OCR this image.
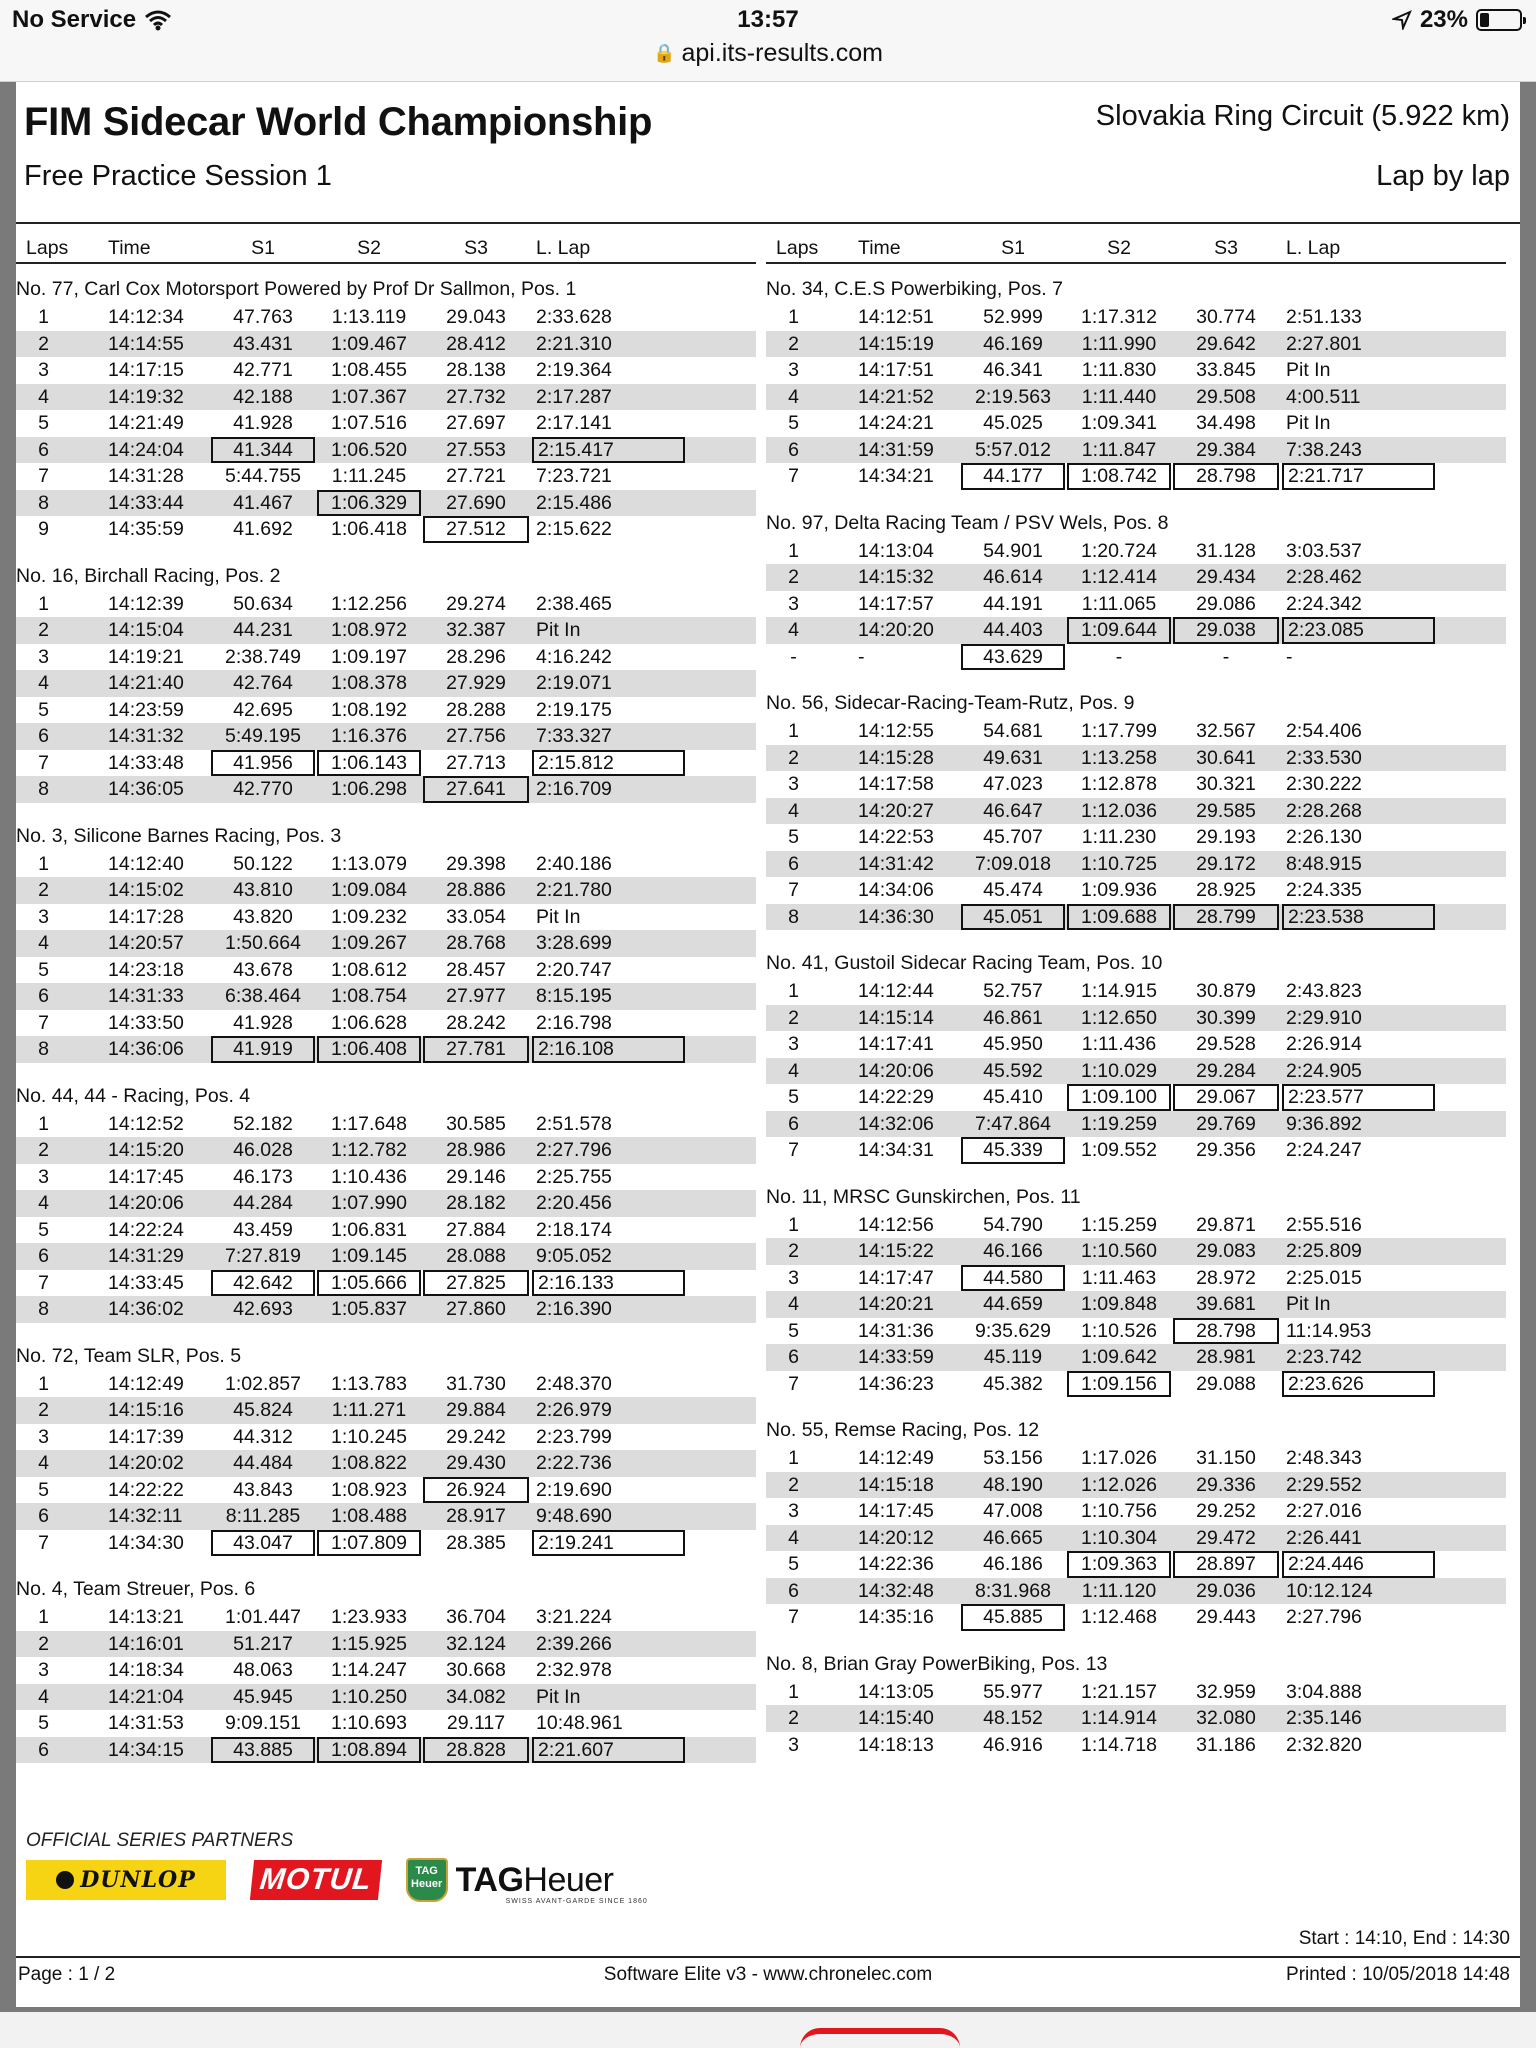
No Service	13:57	23%
🔒 api.its-results.com
FIM Sidecar World Championship	Slovakia Ring Circuit (5.922 km)
Free Practice Session 1	Lap by lap
Laps	Time	S1	S2	S3	L. Lap
No. 77, Carl Cox Motorsport Powered by Prof Dr Sallmon, Pos. 1
1	14:12:34	47.763	1:13.119	29.043	2:33.628
2	14:14:55	43.431	1:09.467	28.412	2:21.310
3	14:17:15	42.771	1:08.455	28.138	2:19.364
4	14:19:32	42.188	1:07.367	27.732	2:17.287
5	14:21:49	41.928	1:07.516	27.697	2:17.141
6	14:24:04	41.344	1:06.520	27.553	2:15.417
7	14:31:28	5:44.755	1:11.245	27.721	7:23.721
8	14:33:44	41.467	1:06.329	27.690	2:15.486
9	14:35:59	41.692	1:06.418	27.512	2:15.622
No. 16, Birchall Racing, Pos. 2
1	14:12:39	50.634	1:12.256	29.274	2:38.465
2	14:15:04	44.231	1:08.972	32.387	Pit In
3	14:19:21	2:38.749	1:09.197	28.296	4:16.242
4	14:21:40	42.764	1:08.378	27.929	2:19.071
5	14:23:59	42.695	1:08.192	28.288	2:19.175
6	14:31:32	5:49.195	1:16.376	27.756	7:33.327
7	14:33:48	41.956	1:06.143	27.713	2:15.812
8	14:36:05	42.770	1:06.298	27.641	2:16.709
No. 3, Silicone Barnes Racing, Pos. 3
1	14:12:40	50.122	1:13.079	29.398	2:40.186
2	14:15:02	43.810	1:09.084	28.886	2:21.780
3	14:17:28	43.820	1:09.232	33.054	Pit In
4	14:20:57	1:50.664	1:09.267	28.768	3:28.699
5	14:23:18	43.678	1:08.612	28.457	2:20.747
6	14:31:33	6:38.464	1:08.754	27.977	8:15.195
7	14:33:50	41.928	1:06.628	28.242	2:16.798
8	14:36:06	41.919	1:06.408	27.781	2:16.108
No. 44, 44 - Racing, Pos. 4
1	14:12:52	52.182	1:17.648	30.585	2:51.578
2	14:15:20	46.028	1:12.782	28.986	2:27.796
3	14:17:45	46.173	1:10.436	29.146	2:25.755
4	14:20:06	44.284	1:07.990	28.182	2:20.456
5	14:22:24	43.459	1:06.831	27.884	2:18.174
6	14:31:29	7:27.819	1:09.145	28.088	9:05.052
7	14:33:45	42.642	1:05.666	27.825	2:16.133
8	14:36:02	42.693	1:05.837	27.860	2:16.390
No. 72, Team SLR, Pos. 5
1	14:12:49	1:02.857	1:13.783	31.730	2:48.370
2	14:15:16	45.824	1:11.271	29.884	2:26.979
3	14:17:39	44.312	1:10.245	29.242	2:23.799
4	14:20:02	44.484	1:08.822	29.430	2:22.736
5	14:22:22	43.843	1:08.923	26.924	2:19.690
6	14:32:11	8:11.285	1:08.488	28.917	9:48.690
7	14:34:30	43.047	1:07.809	28.385	2:19.241
No. 4, Team Streuer, Pos. 6
1	14:13:21	1:01.447	1:23.933	36.704	3:21.224
2	14:16:01	51.217	1:15.925	32.124	2:39.266
3	14:18:34	48.063	1:14.247	30.668	2:32.978
4	14:21:04	45.945	1:10.250	34.082	Pit In
5	14:31:53	9:09.151	1:10.693	29.117	10:48.961
6	14:34:15	43.885	1:08.894	28.828	2:21.607
Laps	Time	S1	S2	S3	L. Lap
No. 34, C.E.S Powerbiking, Pos. 7
1	14:12:51	52.999	1:17.312	30.774	2:51.133
2	14:15:19	46.169	1:11.990	29.642	2:27.801
3	14:17:51	46.341	1:11.830	33.845	Pit In
4	14:21:52	2:19.563	1:11.440	29.508	4:00.511
5	14:24:21	45.025	1:09.341	34.498	Pit In
6	14:31:59	5:57.012	1:11.847	29.384	7:38.243
7	14:34:21	44.177	1:08.742	28.798	2:21.717
No. 97, Delta Racing Team / PSV Wels, Pos. 8
1	14:13:04	54.901	1:20.724	31.128	3:03.537
2	14:15:32	46.614	1:12.414	29.434	2:28.462
3	14:17:57	44.191	1:11.065	29.086	2:24.342
4	14:20:20	44.403	1:09.644	29.038	2:23.085
-	-	43.629	-	-	-
No. 56, Sidecar-Racing-Team-Rutz, Pos. 9
1	14:12:55	54.681	1:17.799	32.567	2:54.406
2	14:15:28	49.631	1:13.258	30.641	2:33.530
3	14:17:58	47.023	1:12.878	30.321	2:30.222
4	14:20:27	46.647	1:12.036	29.585	2:28.268
5	14:22:53	45.707	1:11.230	29.193	2:26.130
6	14:31:42	7:09.018	1:10.725	29.172	8:48.915
7	14:34:06	45.474	1:09.936	28.925	2:24.335
8	14:36:30	45.051	1:09.688	28.799	2:23.538
No. 41, Gustoil Sidecar Racing Team, Pos. 10
1	14:12:44	52.757	1:14.915	30.879	2:43.823
2	14:15:14	46.861	1:12.650	30.399	2:29.910
3	14:17:41	45.950	1:11.436	29.528	2:26.914
4	14:20:06	45.592	1:10.029	29.284	2:24.905
5	14:22:29	45.410	1:09.100	29.067	2:23.577
6	14:32:06	7:47.864	1:19.259	29.769	9:36.892
7	14:34:31	45.339	1:09.552	29.356	2:24.247
No. 11, MRSC Gunskirchen, Pos. 11
1	14:12:56	54.790	1:15.259	29.871	2:55.516
2	14:15:22	46.166	1:10.560	29.083	2:25.809
3	14:17:47	44.580	1:11.463	28.972	2:25.015
4	14:20:21	44.659	1:09.848	39.681	Pit In
5	14:31:36	9:35.629	1:10.526	28.798	11:14.953
6	14:33:59	45.119	1:09.642	28.981	2:23.742
7	14:36:23	45.382	1:09.156	29.088	2:23.626
No. 55, Remse Racing, Pos. 12
1	14:12:49	53.156	1:17.026	31.150	2:48.343
2	14:15:18	48.190	1:12.026	29.336	2:29.552
3	14:17:45	47.008	1:10.756	29.252	2:27.016
4	14:20:12	46.665	1:10.304	29.472	2:26.441
5	14:22:36	46.186	1:09.363	28.897	2:24.446
6	14:32:48	8:31.968	1:11.120	29.036	10:12.124
7	14:35:16	45.885	1:12.468	29.443	2:27.796
No. 8, Brian Gray PowerBiking, Pos. 13
1	14:13:05	55.977	1:21.157	32.959	3:04.888
2	14:15:40	48.152	1:14.914	32.080	2:35.146
3	14:18:13	46.916	1:14.718	31.186	2:32.820
OFFICIAL SERIES PARTNERS
DUNLOP MOTUL	TAG Heuer TAGHeuer
SWISS AVANT-GARDE SINCE 1860
Start : 14:10, End : 14:30
Page : 1 / 2	Software Elite v3 - www.chronelec.com	Printed : 10/05/2018 14:48
